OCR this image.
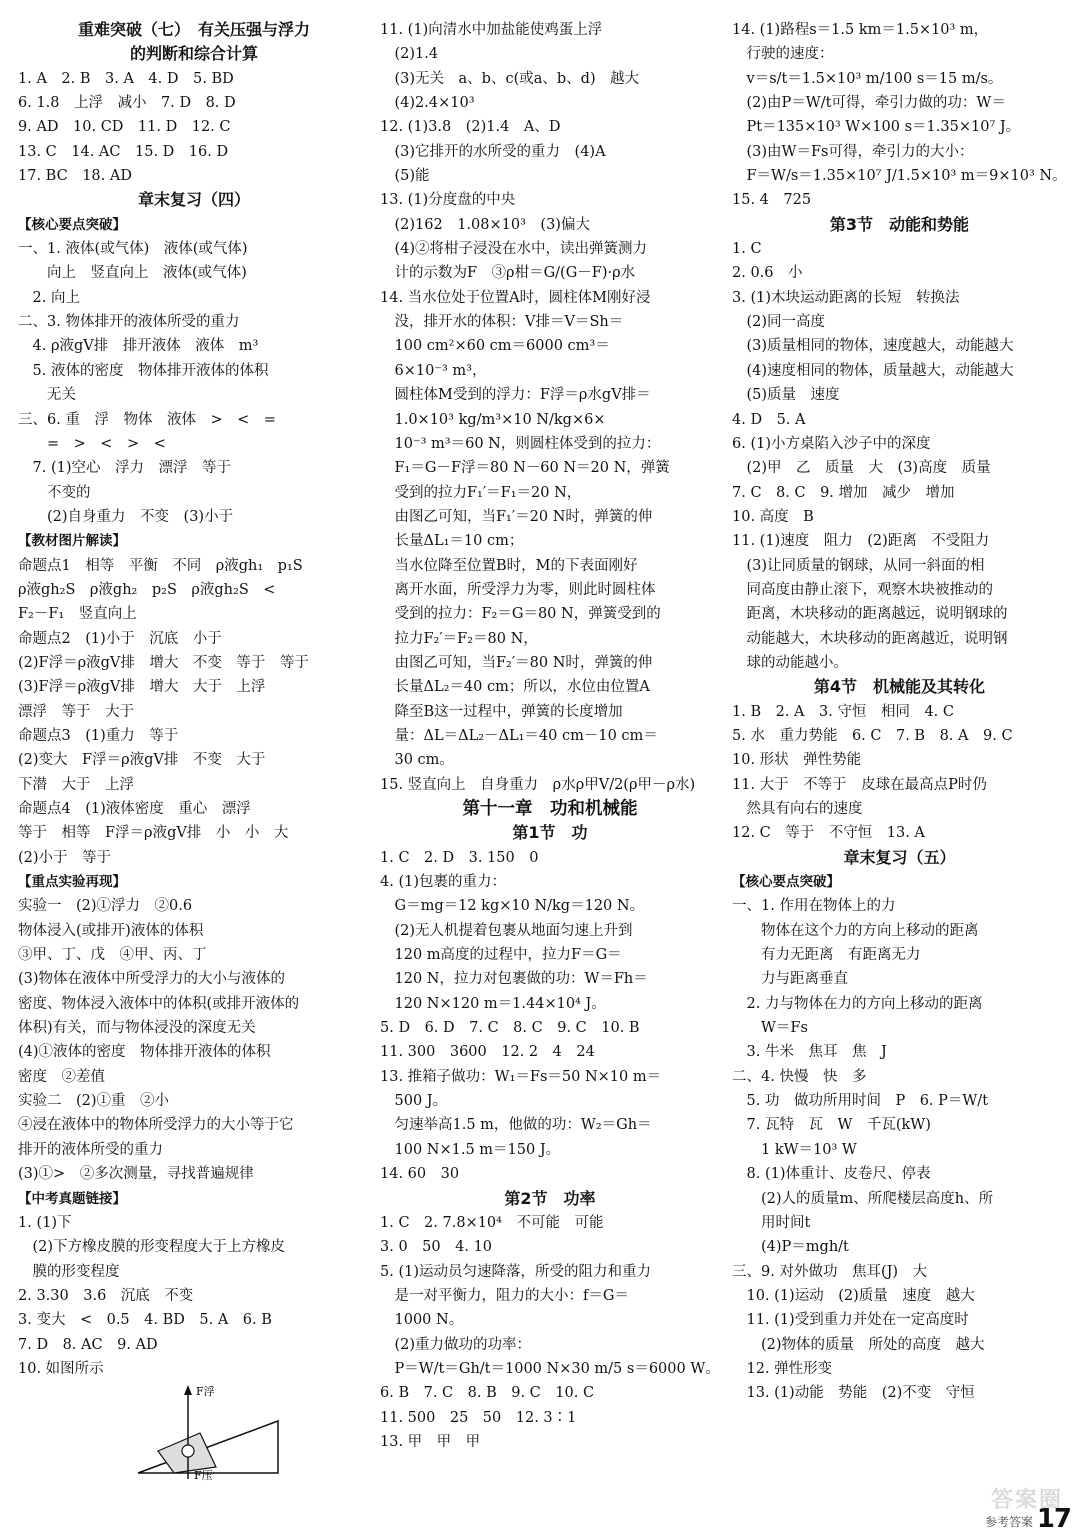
重难突破（七）　有关压强与浮力
的判断和综合计算
1. A　2. B　3. A　4. D　5. BD
6. 1.8　上浮　减小　7. D　8. D
9. AD　10. CD　11. D　12. C
13. C　14. AC　15. D　16. D
17. BC　18. AD
章末复习（四）
【核心要点突破】
一、1. 液体(或气体)　液体(或气体)
　　向上　竖直向上　液体(或气体)
　2. 向上
二、3. 物体排开的液体所受的重力
　4. ρ液gV排　排开液体　液体　m³
　5. 液体的密度　物体排开液体的体积
　　无关
三、6. 重　浮　物体　液体　>　<　=
　　=　>　<　>　<
　7. (1)空心　浮力　漂浮　等于
　　不变的
　　(2)自身重力　不变　(3)小于
【教材图片解读】
命题点1　相等　平衡　不同　ρ液gh₁　p₁S
ρ液gh₂S　ρ液gh₂　p₂S　ρ液gh₂S　<
F₂－F₁　竖直向上
命题点2　(1)小于　沉底　小于
(2)F浮＝ρ液gV排　增大　不变　等于　等于
(3)F浮＝ρ液gV排　增大　大于　上浮
漂浮　等于　大于
命题点3　(1)重力　等于
(2)变大　F浮＝ρ液gV排　不变　大于
下潜　大于　上浮
命题点4　(1)液体密度　重心　漂浮
等于　相等　F浮＝ρ液gV排　小　小　大
(2)小于　等于
【重点实验再现】
实验一　(2)①浮力　②0.6
物体浸入(或排开)液体的体积
③甲、丁、戊　④甲、丙、丁
(3)物体在液体中所受浮力的大小与液体的
密度、物体浸入液体中的体积(或排开液体的
体积)有关，而与物体浸没的深度无关
(4)①液体的密度　物体排开液体的体积
密度　②差值
实验二　(2)①重　②小
④浸在液体中的物体所受浮力的大小等于它
排开的液体所受的重力
(3)①>　②多次测量，寻找普遍规律
【中考真题链接】
1. (1)下
　(2)下方橡皮膜的形变程度大于上方橡皮
　膜的形变程度
2. 3.30　3.6　沉底　不变
3. 变大　<　0.5　4. BD　5. A　6. B
7. D　8. AC　9. AD
10. 如图所示
F浮
F压
11. (1)向清水中加盐能使鸡蛋上浮
　(2)1.4
　(3)无关　a、b、c(或a、b、d)　越大
　(4)2.4×10³
12. (1)3.8　(2)1.4　A、D
　(3)它排开的水所受的重力　(4)A
　(5)能
13. (1)分度盘的中央
　(2)162　1.08×10³　(3)偏大
　(4)②将柑子浸没在水中，读出弹簧测力
　计的示数为F　③ρ柑＝G/(G－F)·ρ水
14. 当水位处于位置A时，圆柱体M刚好浸
　没，排开水的体积：V排＝V＝Sh＝
　100 cm²×60 cm＝6000 cm³＝
　6×10⁻³ m³，
　圆柱体M受到的浮力：F浮＝ρ水gV排＝
　1.0×10³ kg/m³×10 N/kg×6×
　10⁻³ m³＝60 N，则圆柱体受到的拉力：
　F₁＝G－F浮＝80 N－60 N＝20 N，弹簧
　受到的拉力F₁′＝F₁＝20 N，
　由图乙可知，当F₁′＝20 N时，弹簧的伸
　长量ΔL₁＝10 cm；
　当水位降至位置B时，M的下表面刚好
　离开水面，所受浮力为零，则此时圆柱体
　受到的拉力：F₂＝G＝80 N，弹簧受到的
　拉力F₂′＝F₂＝80 N，
　由图乙可知，当F₂′＝80 N时，弹簧的伸
　长量ΔL₂＝40 cm；所以，水位由位置A
　降至B这一过程中，弹簧的长度增加
　量：ΔL＝ΔL₂－ΔL₁＝40 cm－10 cm＝
　30 cm。
15. 竖直向上　自身重力　ρ水ρ甲V/2(ρ甲－ρ水)
第十一章　功和机械能
第1节　功
1. C　2. D　3. 150　0
4. (1)包裹的重力：
　G＝mg＝12 kg×10 N/kg＝120 N。
　(2)无人机提着包裹从地面匀速上升到
　120 m高度的过程中，拉力F＝G＝
　120 N，拉力对包裹做的功：W＝Fh＝
　120 N×120 m＝1.44×10⁴ J。
5. D　6. D　7. C　8. C　9. C　10. B
11. 300　3600　12. 2　4　24
13. 推箱子做功：W₁＝Fs＝50 N×10 m＝
　500 J。
　匀速举高1.5 m，他做的功：W₂＝Gh＝
　100 N×1.5 m＝150 J。
14. 60　30
第2节　功率
1. C　2. 7.8×10⁴　不可能　可能
3. 0　50　4. 10
5. (1)运动员匀速降落，所受的阻力和重力
　是一对平衡力，阻力的大小：f＝G＝
　1000 N。
　(2)重力做功的功率：
　P＝W/t＝Gh/t＝1000 N×30 m/5 s＝6000 W。
6. B　7. C　8. B　9. C　10. C
11. 500　25　50　12. 3∶1
13. 甲　甲　甲
14. (1)路程s＝1.5 km＝1.5×10³ m，
　行驶的速度：
　v＝s/t＝1.5×10³ m/100 s＝15 m/s。
　(2)由P＝W/t可得，牵引力做的功：W＝
　Pt＝135×10³ W×100 s＝1.35×10⁷ J。
　(3)由W＝Fs可得，牵引力的大小：
　F＝W/s＝1.35×10⁷ J/1.5×10³ m＝9×10³ N。
15. 4　725
第3节　动能和势能
1. C
2. 0.6　小
3. (1)木块运动距离的长短　转换法
　(2)同一高度
　(3)质量相同的物体，速度越大，动能越大
　(4)速度相同的物体，质量越大，动能越大
　(5)质量　速度
4. D　5. A
6. (1)小方桌陷入沙子中的深度
　(2)甲　乙　质量　大　(3)高度　质量
7. C　8. C　9. 增加　减少　增加
10. 高度　B
11. (1)速度　阻力　(2)距离　不受阻力
　(3)让同质量的钢球，从同一斜面的相
　同高度由静止滚下，观察木块被推动的
　距离，木块移动的距离越远，说明钢球的
　动能越大，木块移动的距离越近，说明钢
　球的动能越小。
第4节　机械能及其转化
1. B　2. A　3. 守恒　相同　4. C
5. 水　重力势能　6. C　7. B　8. A　9. C
10. 形状　弹性势能
11. 大于　不等于　皮球在最高点P时仍
　然具有向右的速度
12. C　等于　不守恒　13. A
章末复习（五）
【核心要点突破】
一、1. 作用在物体上的力
　　物体在这个力的方向上移动的距离
　　有力无距离　有距离无力
　　力与距离垂直
　2. 力与物体在力的方向上移动的距离
　　W＝Fs
　3. 牛米　焦耳　焦　J
二、4. 快慢　快　多
　5. 功　做功所用时间　P　6. P＝W/t
　7. 瓦特　瓦　W　千瓦(kW)
　　1 kW＝10³ W
　8. (1)体重计、皮卷尺、停表
　　(2)人的质量m、所爬楼层高度h、所
　　用时间t
　　(4)P＝mgh/t
三、9. 对外做功　焦耳(J)　大
　10. (1)运动　(2)质量　速度　越大
　11. (1)受到重力并处在一定高度时
　　(2)物体的质量　所处的高度　越大
　12. 弹性形变
　13. (1)动能　势能　(2)不变　守恒
答案圈
参考答案 17
